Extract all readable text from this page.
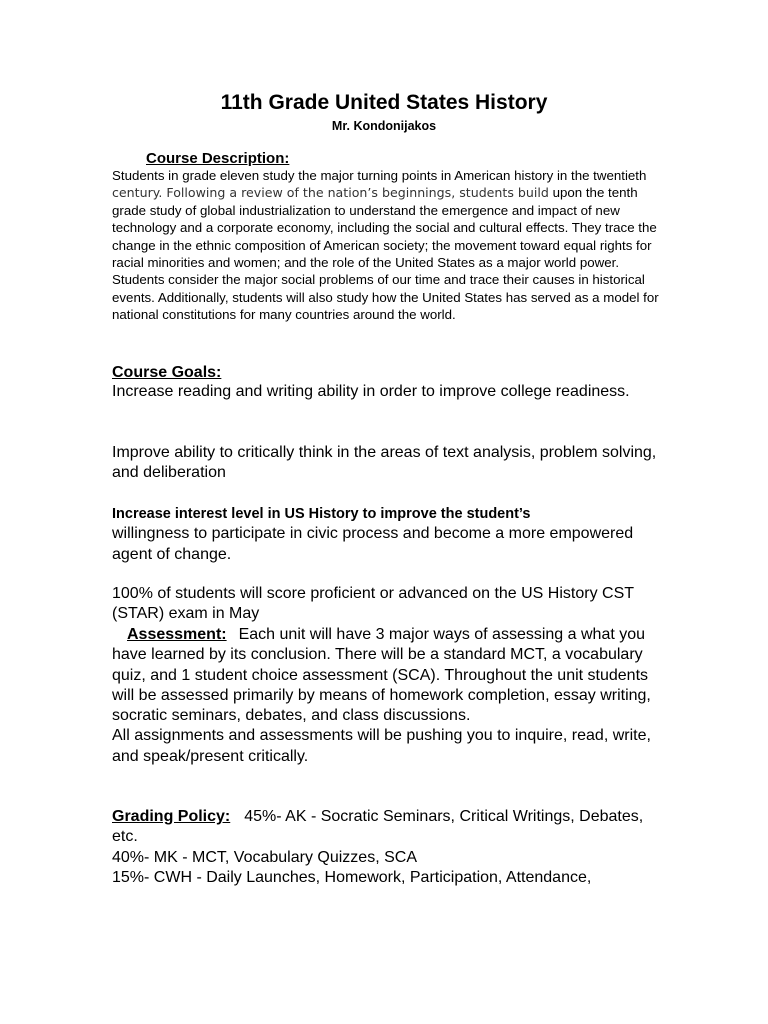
11th Grade United States History
Mr. Kondonijakos
Course Description:

Students in grade eleven study the major turning points in American history in the twentieth century. Following a review of the nation’s beginnings, students build upon the tenth grade study of global industrialization to understand the emergence and impact of new technology and a corporate economy, including the social and cultural effects. They trace the change in the ethnic composition of American society; the movement toward equal rights for racial minorities and women; and the role of the United States as a major world power. Students consider the major social problems of our time and trace their causes in historical events. Additionally, students will also study how the United States has served as a model for national constitutions for many countries around the world.

Course Goals:

Increase reading and writing ability in order to improve college readiness.

Improve ability to critically think in the areas of text analysis, problem solving, and deliberation

Increase interest level in US History to improve the student’s
willingness to participate in civic process and become a more empowered agent of change.

100% of students will score proficient or advanced on the US History CST (STAR) exam in May

Assessment: Each unit will have 3 major ways of assessing a what you have learned by its conclusion. There will be a standard MCT, a vocabulary quiz, and 1 student choice assessment (SCA). Throughout the unit students will be assessed primarily by means of homework completion, essay writing, socratic seminars, debates, and class discussions.
All assignments and assessments will be pushing you to inquire, read, write, and speak/present critically.

Grading Policy: 45%- AK - Socratic Seminars, Critical Writings, Debates, etc.
40%- MK - MCT, Vocabulary Quizzes, SCA
15%- CWH - Daily Launches, Homework, Participation, Attendance,
